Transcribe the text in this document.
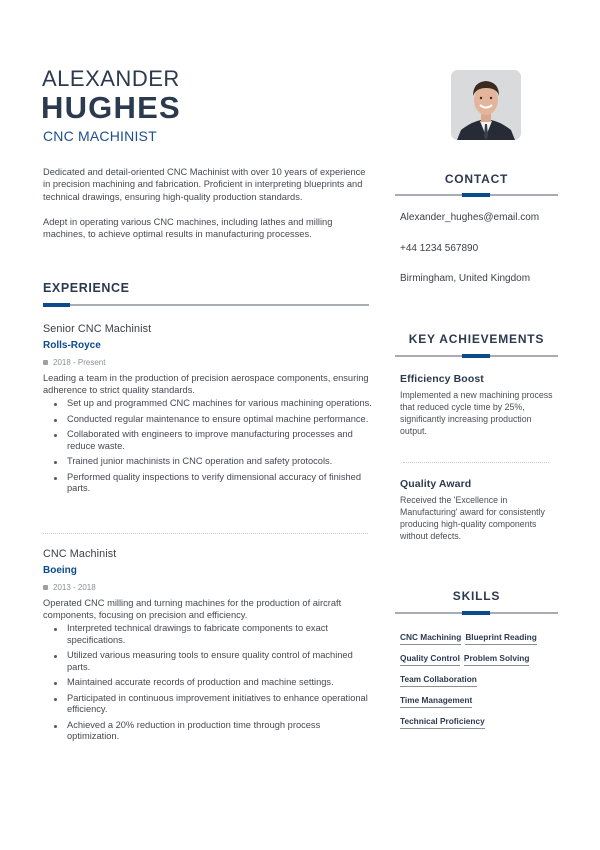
ALEXANDER
HUGHES
CNC MACHINIST

Dedicated and detail-oriented CNC Machinist with over 10 years of experience in precision machining and fabrication. Proficient in interpreting blueprints and technical drawings, ensuring high-quality production standards.

Adept in operating various CNC machines, including lathes and milling machines, to achieve optimal results in manufacturing processes.

EXPERIENCE
Senior CNC Machinist
Rolls-Royce
2018 - Present
Leading a team in the production of precision aerospace components, ensuring adherence to strict quality standards.
Set up and programmed CNC machines for various machining operations.
Conducted regular maintenance to ensure optimal machine performance.
Collaborated with engineers to improve manufacturing processes and reduce waste.
Trained junior machinists in CNC operation and safety protocols.
Performed quality inspections to verify dimensional accuracy of finished parts.
CNC Machinist
Boeing
2013 - 2018
Operated CNC milling and turning machines for the production of aircraft components, focusing on precision and efficiency.
Interpreted technical drawings to fabricate components to exact specifications.
Utilized various measuring tools to ensure quality control of machined parts.
Maintained accurate records of production and machine settings.
Participated in continuous improvement initiatives to enhance operational efficiency.
Achieved a 20% reduction in production time through process optimization.
CONTACT
Alexander_hughes@email.com
+44 1234 567890
Birmingham, United Kingdom
KEY ACHIEVEMENTS
Efficiency Boost
Implemented a new machining process that reduced cycle time by 25%, significantly increasing production output.
Quality Award
Received the 'Excellence in Manufacturing' award for consistently producing high-quality components without defects.
SKILLS
CNC Machining Blueprint Reading
Quality Control Problem Solving
Team Collaboration
Time Management
Technical Proficiency
